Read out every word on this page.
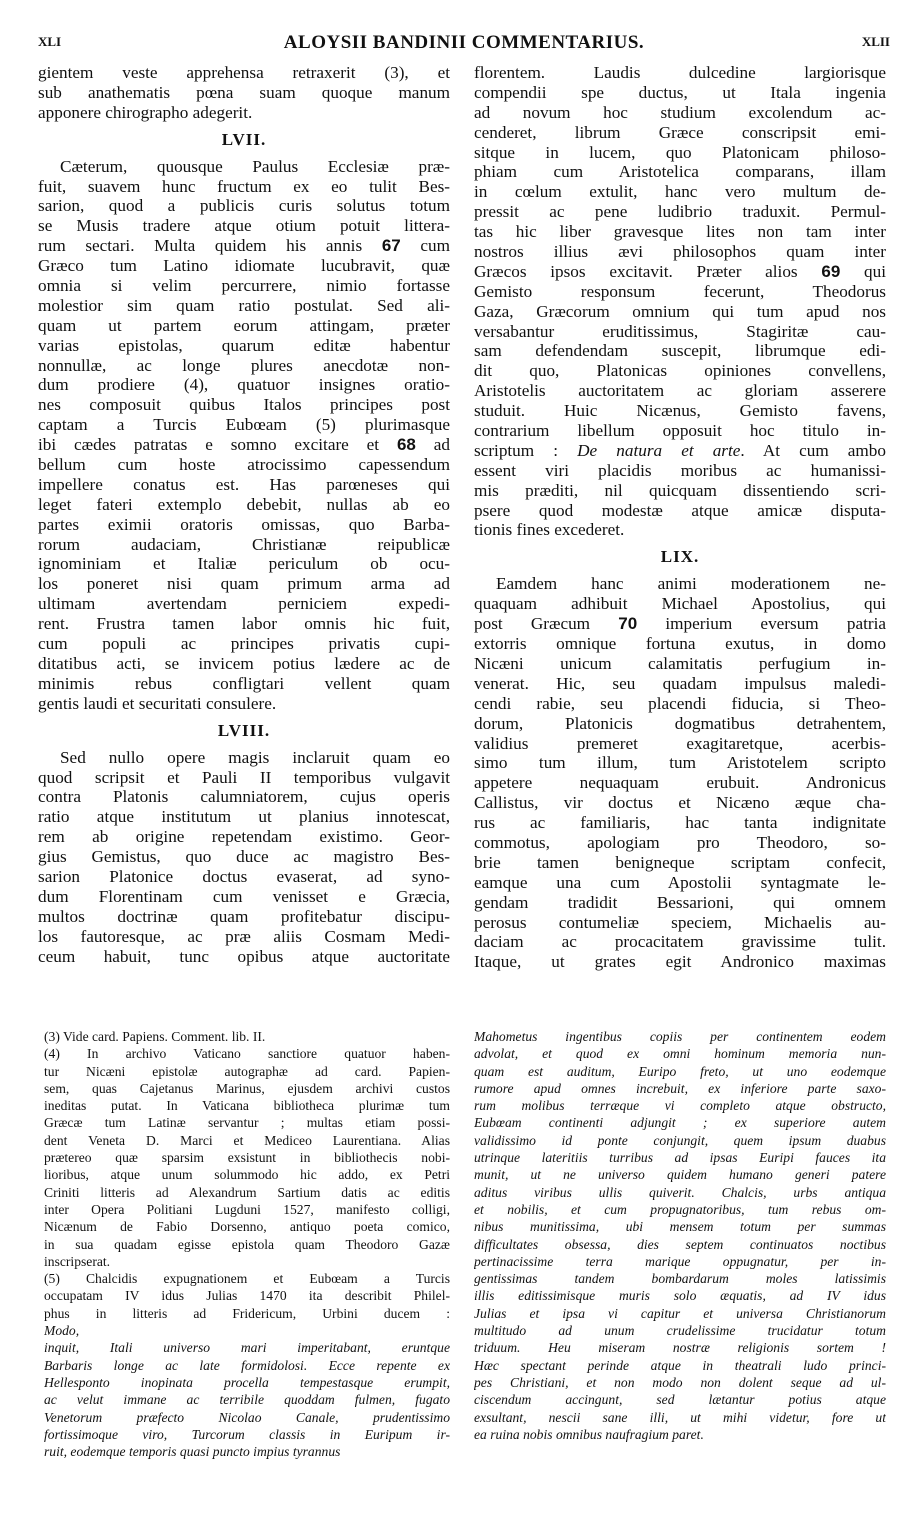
XLI	ALOYSII BANDINII COMMENTARIUS.	XLII
gientem veste apprehensa retraxerit (3), et
sub anathematis pœna suam quoque manum
apponere chirographo adegerit.
LVII.
Cæterum, quousque Paulus Ecclesiæ præ-
fuit, suavem hunc fructum ex eo tulit Bes-
sarion, quod a publicis curis solutus totum
se Musis tradere atque otium potuit littera-
rum sectari. Multa quidem his annis 67 cum
Græco tum Latino idiomate lucubravit, quæ
omnia si velim percurrere, nimio fortasse
molestior sim quam ratio postulat. Sed ali-
quam ut partem eorum attingam, præter
varias epistolas, quarum editæ habentur
nonnullæ, ac longe plures anecdotæ non-
dum prodiere (4), quatuor insignes oratio-
nes composuit quibus Italos principes post
captam a Turcis Eubœam (5) plurimasque
ibi cædes patratas e somno excitare et 68 ad
bellum cum hoste atrocissimo capessendum
impellere conatus est. Has parœneses qui
leget fateri extemplo debebit, nullas ab eo
partes eximii oratoris omissas, quo Barba-
rorum audaciam, Christianæ reipublicæ
ignominiam et Italiæ periculum ob ocu-
los poneret nisi quam primum arma ad
ultimam avertendam perniciem expedi-
rent. Frustra tamen labor omnis hic fuit,
cum populi ac principes privatis cupi-
ditatibus acti, se invicem potius lædere ac de
minimis rebus confligtari vellent quam
gentis laudi et securitati consulere.
LVIII.
Sed nullo opere magis inclaruit quam eo
quod scripsit et Pauli II temporibus vulgavit
contra Platonis calumniatorem, cujus operis
ratio atque institutum ut planius innotescat,
rem ab origine repetendam existimo. Geor-
gius Gemistus, quo duce ac magistro Bes-
sarion Platonice doctus evaserat, ad syno-
dum Florentinam cum venisset e Græcia,
multos doctrinæ quam profitebatur discipu-
los fautoresque, ac præ aliis Cosmam Medi-
ceum habuit, tunc opibus atque auctoritate
florentem. Laudis dulcedine largiorisque
compendii spe ductus, ut Itala ingenia
ad novum hoc studium excolendum ac-
cenderet, librum Græce conscripsit emi-
sitque in lucem, quo Platonicam philoso-
phiam cum Aristotelica comparans, illam
in cœlum extulit, hanc vero multum de-
pressit ac pene ludibrio traduxit. Permul-
tas hic liber gravesque lites non tam inter
nostros illius ævi philosophos quam inter
Græcos ipsos excitavit. Præter alios 69 qui
Gemisto responsum fecerunt, Theodorus
Gaza, Græcorum omnium qui tum apud nos
versabantur eruditissimus, Stagiritæ cau-
sam defendendam suscepit, librumque edi-
dit quo, Platonicas opiniones convellens,
Aristotelis auctoritatem ac gloriam asserere
studuit. Huic Nicænus, Gemisto favens,
contrarium libellum opposuit hoc titulo in-
scriptum : De natura et arte. At cum ambo
essent viri placidis moribus ac humanissi-
mis præditi, nil quicquam dissentiendo scri-
psere quod modestæ atque amicæ disputa-
tionis fines excederet.
LIX.
Eamdem hanc animi moderationem ne-
quaquam adhibuit Michael Apostolius, qui
post Græcum 70 imperium eversum patria
extorris omnique fortuna exutus, in domo
Nicæni unicum calamitatis perfugium in-
venerat. Hic, seu quadam impulsus maledi-
cendi rabie, seu placendi fiducia, si Theo-
dorum, Platonicis dogmatibus detrahentem,
validius premeret exagitaretque, acerbis-
simo tum illum, tum Aristotelem scripto
appetere nequaquam erubuit. Andronicus
Callistus, vir doctus et Nicæno æque cha-
rus ac familiaris, hac tanta indignitate
commotus, apologiam pro Theodoro, so-
brie tamen benigneque scriptam confecit,
eamque una cum Apostolii syntagmate le-
gendam tradidit Bessarioni, qui omnem
perosus contumeliæ speciem, Michaelis au-
daciam ac procacitatem gravissime tulit.
Itaque, ut grates egit Andronico maximas
(3) Vide card. Papiens. Comment. lib. II.
(4) In archivo Vaticano sanctiore quatuor haben-
tur Nicæni epistolæ autographæ ad card. Papien-
sem, quas Cajetanus Marinus, ejusdem archivi custos
ineditas putat. In Vaticana bibliotheca plurimæ tum
Græcæ tum Latinæ servantur ; multas etiam possi-
dent Veneta D. Marci et Mediceo Laurentiana. Alias
prætereo quæ sparsim exsistunt in bibliothecis nobi-
lioribus, atque unum solummodo hic addo, ex Petri
Criniti litteris ad Alexandrum Sartium datis ac editis
inter Opera Politiani Lugduni 1527, manifesto colligi,
Nicænum de Fabio Dorsenno, antiquo poeta comico,
in sua quadam egisse epistola quam Theodoro Gazæ
inscripserat.
(5) Chalcidis expugnationem et Eubœam a Turcis
occupatam IV idus Julias 1470 ita describit Philel-
phus in litteris ad Fridericum, Urbini ducem :
Modo,
inquit, Itali universo mari imperitabant, eruntque
Barbaris longe ac late formidolosi. Ecce repente ex
Hellesponto inopinata procella tempestasque erumpit,
ac velut immane ac terribile quoddam fulmen, fugato
Venetorum præfecto Nicolao Canale, prudentissimo
fortissimoque viro, Turcorum classis in Euripum ir-
ruit, eodemque temporis quasi puncto impius tyrannus
Mahometus ingentibus copiis per continentem eodem
advolat, et quod ex omni hominum memoria nun-
quam est auditum, Euripo freto, ut uno eodemque
rumore apud omnes increbuit, ex inferiore parte saxo-
rum molibus terræque vi completo atque obstructo,
Eubœam continenti adjungit ; ex superiore autem
validissimo id ponte conjungit, quem ipsum duabus
utrinque lateritiis turribus ad ipsas Euripi fauces ita
munit, ut ne universo quidem humano generi patere
aditus viribus ullis quiverit. Chalcis, urbs antiqua
et nobilis, et cum propugnatoribus, tum rebus om-
nibus munitissima, ubi mensem totum per summas
difficultates obsessa, dies septem continuatos noctibus
pertinacissime terra marique oppugnatur, per in-
gentissimas tandem bombardarum moles latissimis
illis editissimisque muris solo æquatis, ad IV idus
Julias et ipsa vi capitur et universa Christianorum
multitudo ad unum crudelissime trucidatur totum
triduum. Heu miseram nostræ religionis sortem !
Hæc spectant perinde atque in theatrali ludo princi-
pes Christiani, et non modo non dolent seque ad ul-
ciscendum accingunt, sed lætantur potius atque
exsultant, nescii sane illi, ut mihi videtur, fore ut
ea ruina nobis omnibus naufragium paret.
